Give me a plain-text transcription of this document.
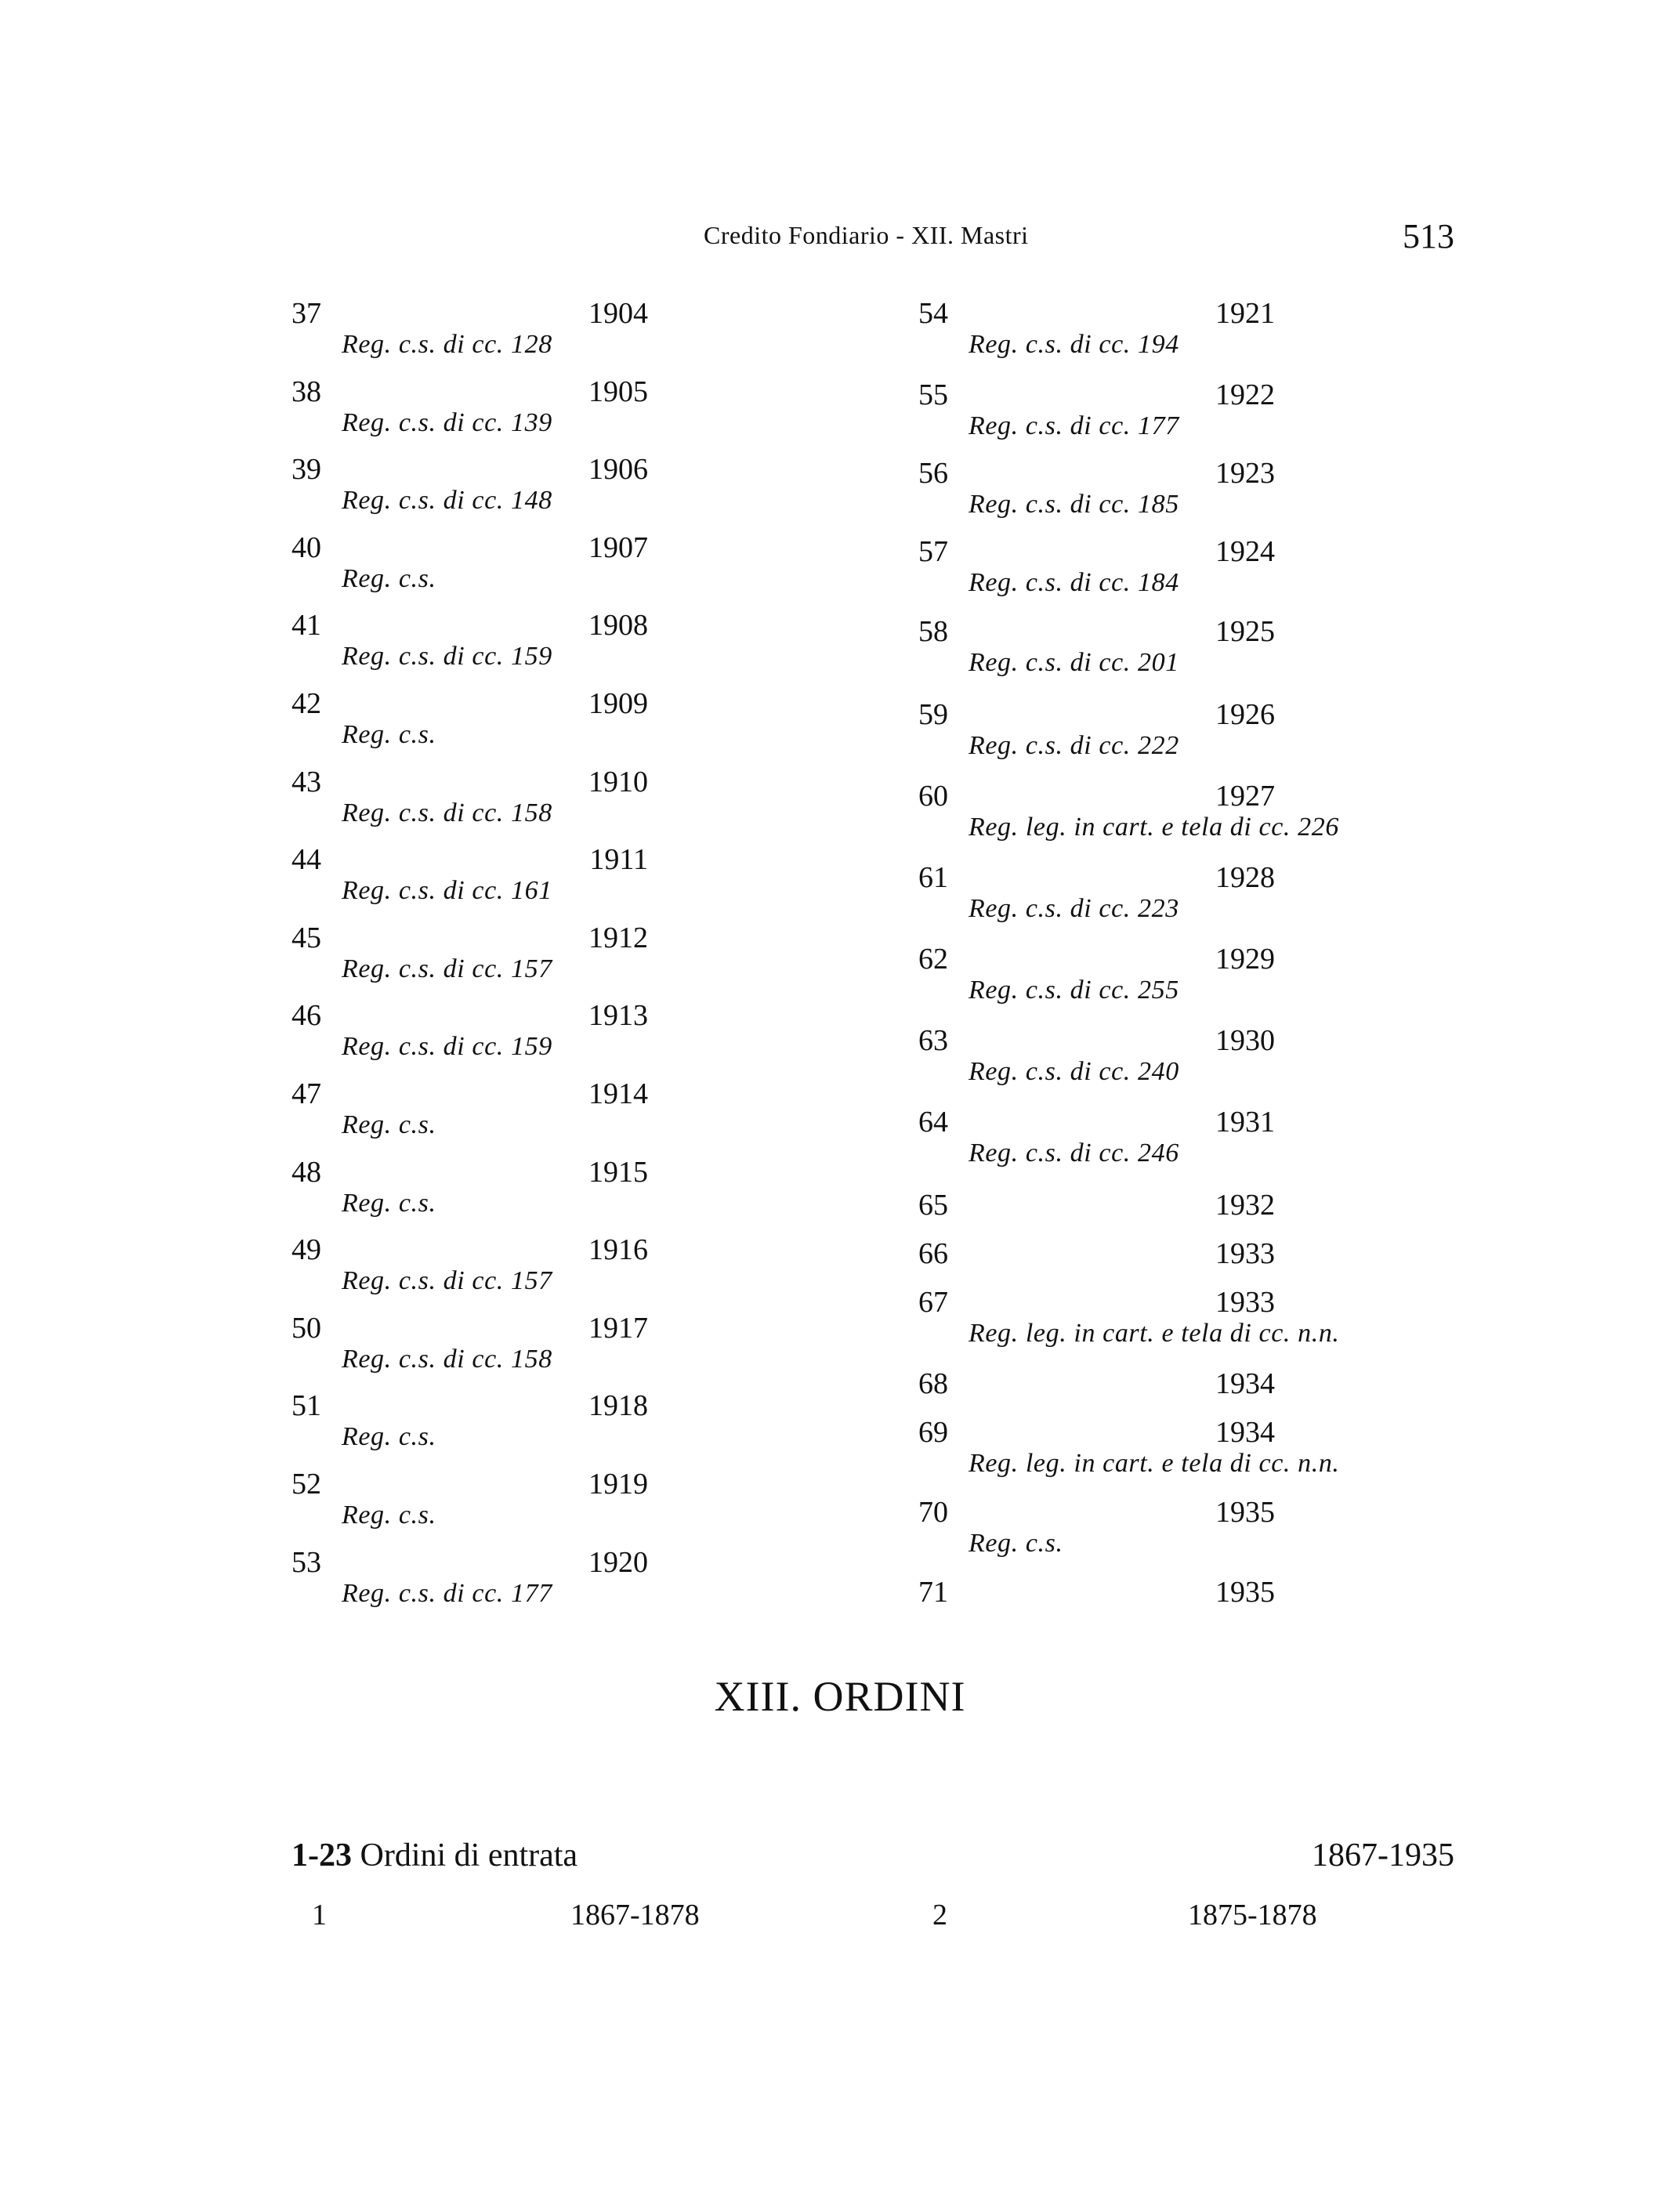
Credito Fondiario - XII. Mastri	513
37	1904
Reg. c.s. di cc. 128
38	1905
Reg. c.s. di cc. 139
39	1906
Reg. c.s. di cc. 148
40	1907
Reg. c.s.
41	1908
Reg. c.s. di cc. 159
42	1909
Reg. c.s.
43	1910
Reg. c.s. di cc. 158
44	1911
Reg. c.s. di cc. 161
45	1912
Reg. c.s. di cc. 157
46	1913
Reg. c.s. di cc. 159
47	1914
Reg. c.s.
48	1915
Reg. c.s.
49	1916
Reg. c.s. di cc. 157
50	1917
Reg. c.s. di cc. 158
51	1918
Reg. c.s.
52	1919
Reg. c.s.
53	1920
Reg. c.s. di cc. 177
54	1921
Reg. c.s. di cc. 194
55	1922
Reg. c.s. di cc. 177
56	1923
Reg. c.s. di cc. 185
57	1924
Reg. c.s. di cc. 184
58	1925
Reg. c.s. di cc. 201
59	1926
Reg. c.s. di cc. 222
60	1927
Reg. leg. in cart. e tela di cc. 226
61	1928
Reg. c.s. di cc. 223
62	1929
Reg. c.s. di cc. 255
63	1930
Reg. c.s. di cc. 240
64	1931
Reg. c.s. di cc. 246
65	1932
66	1933
67	1933
Reg. leg. in cart. e tela di cc. n.n.
68	1934
69	1934
Reg. leg. in cart. e tela di cc. n.n.
70	1935
Reg. c.s.
71	1935
XIII. ORDINI
1-23 Ordini di entrata	1867-1935
1	1867-1878	2	1875-1878
